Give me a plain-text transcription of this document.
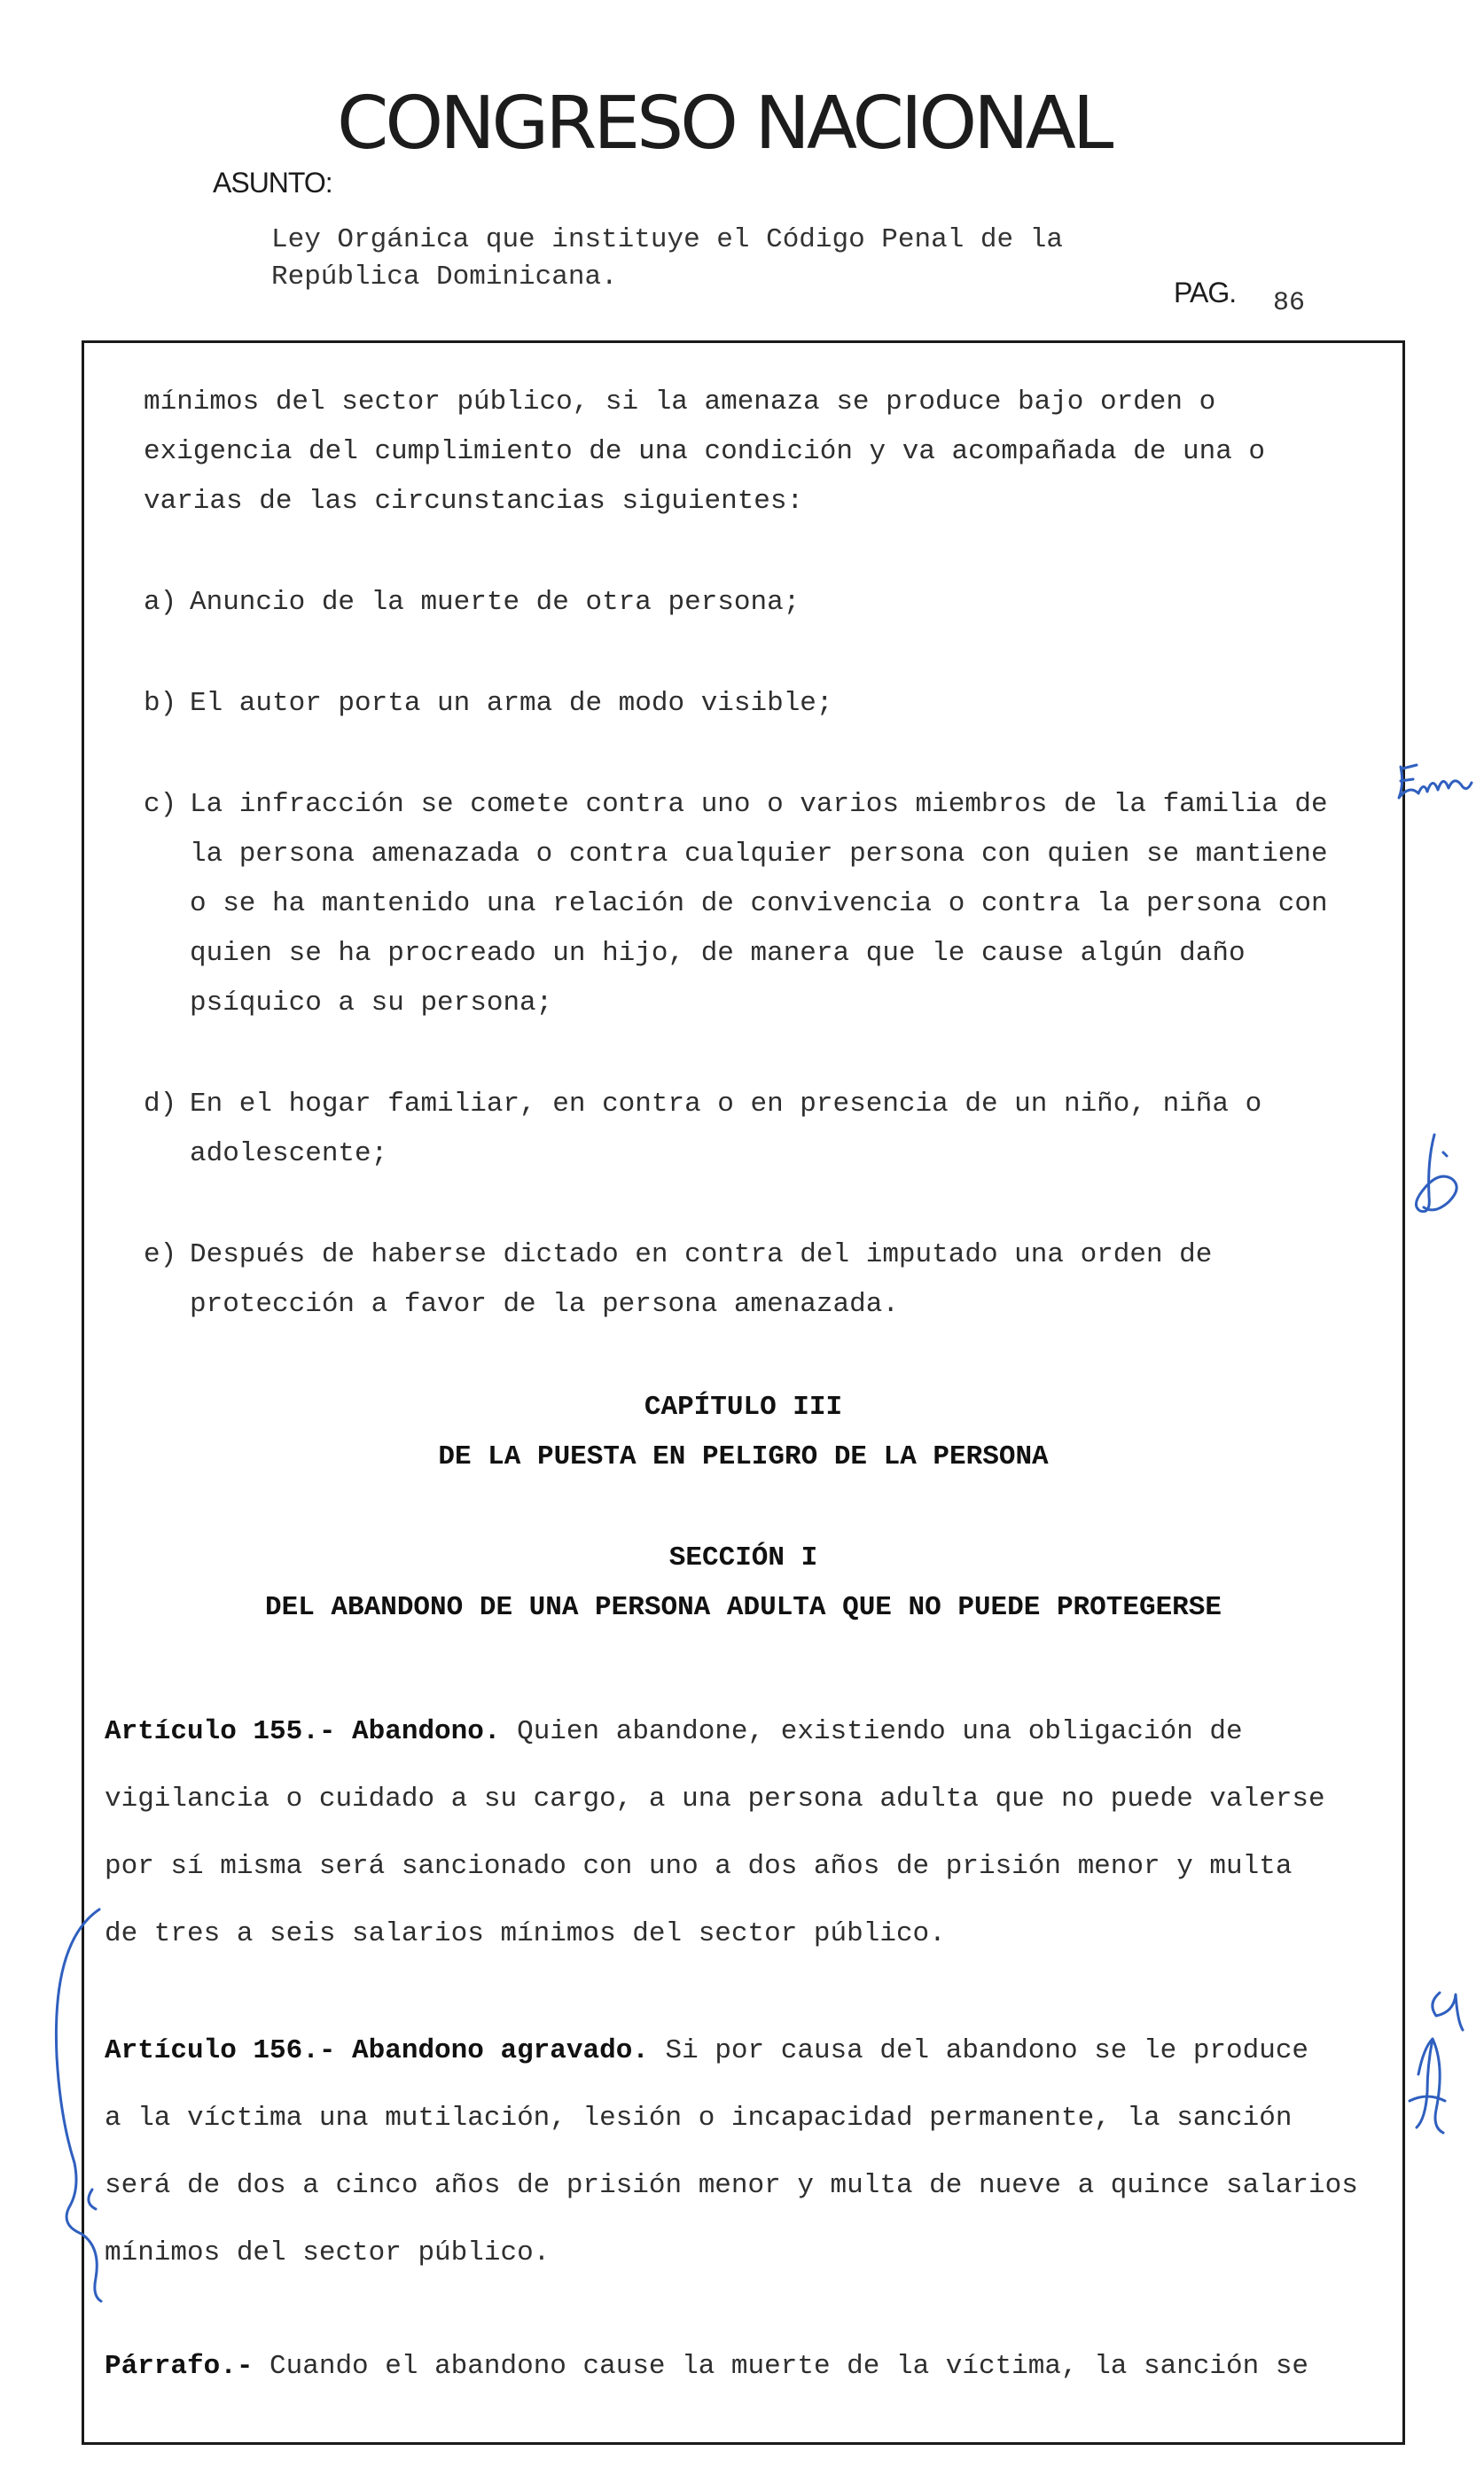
CONGRESO NACIONAL
ASUNTO:
Ley Orgánica que instituye el Código Penal de la
República Dominicana.	PAG. 86
mínimos del sector público, si la amenaza se produce bajo orden o
exigencia del cumplimiento de una condición y va acompañada de una o
varias de las circunstancias siguientes:
a) Anuncio de la muerte de otra persona;
b) El autor porta un arma de modo visible;
c) La infracción se comete contra uno o varios miembros de la familia de
la persona amenazada o contra cualquier persona con quien se mantiene
o se ha mantenido una relación de convivencia o contra la persona con
quien se ha procreado un hijo, de manera que le cause algún daño
psíquico a su persona;
d) En el hogar familiar, en contra o en presencia de un niño, niña o
adolescente;
e) Después de haberse dictado en contra del imputado una orden de
protección a favor de la persona amenazada.
CAPÍTULO III
DE LA PUESTA EN PELIGRO DE LA PERSONA
SECCIÓN I
DEL ABANDONO DE UNA PERSONA ADULTA QUE NO PUEDE PROTEGERSE
Artículo 155.- Abandono. Quien abandone, existiendo una obligación de
vigilancia o cuidado a su cargo, a una persona adulta que no puede valerse
por sí misma será sancionado con uno a dos años de prisión menor y multa
de tres a seis salarios mínimos del sector público.
Artículo 156.- Abandono agravado. Si por causa del abandono se le produce
a la víctima una mutilación, lesión o incapacidad permanente, la sanción
será de dos a cinco años de prisión menor y multa de nueve a quince salarios
mínimos del sector público.
Párrafo.- Cuando el abandono cause la muerte de la víctima, la sanción se
